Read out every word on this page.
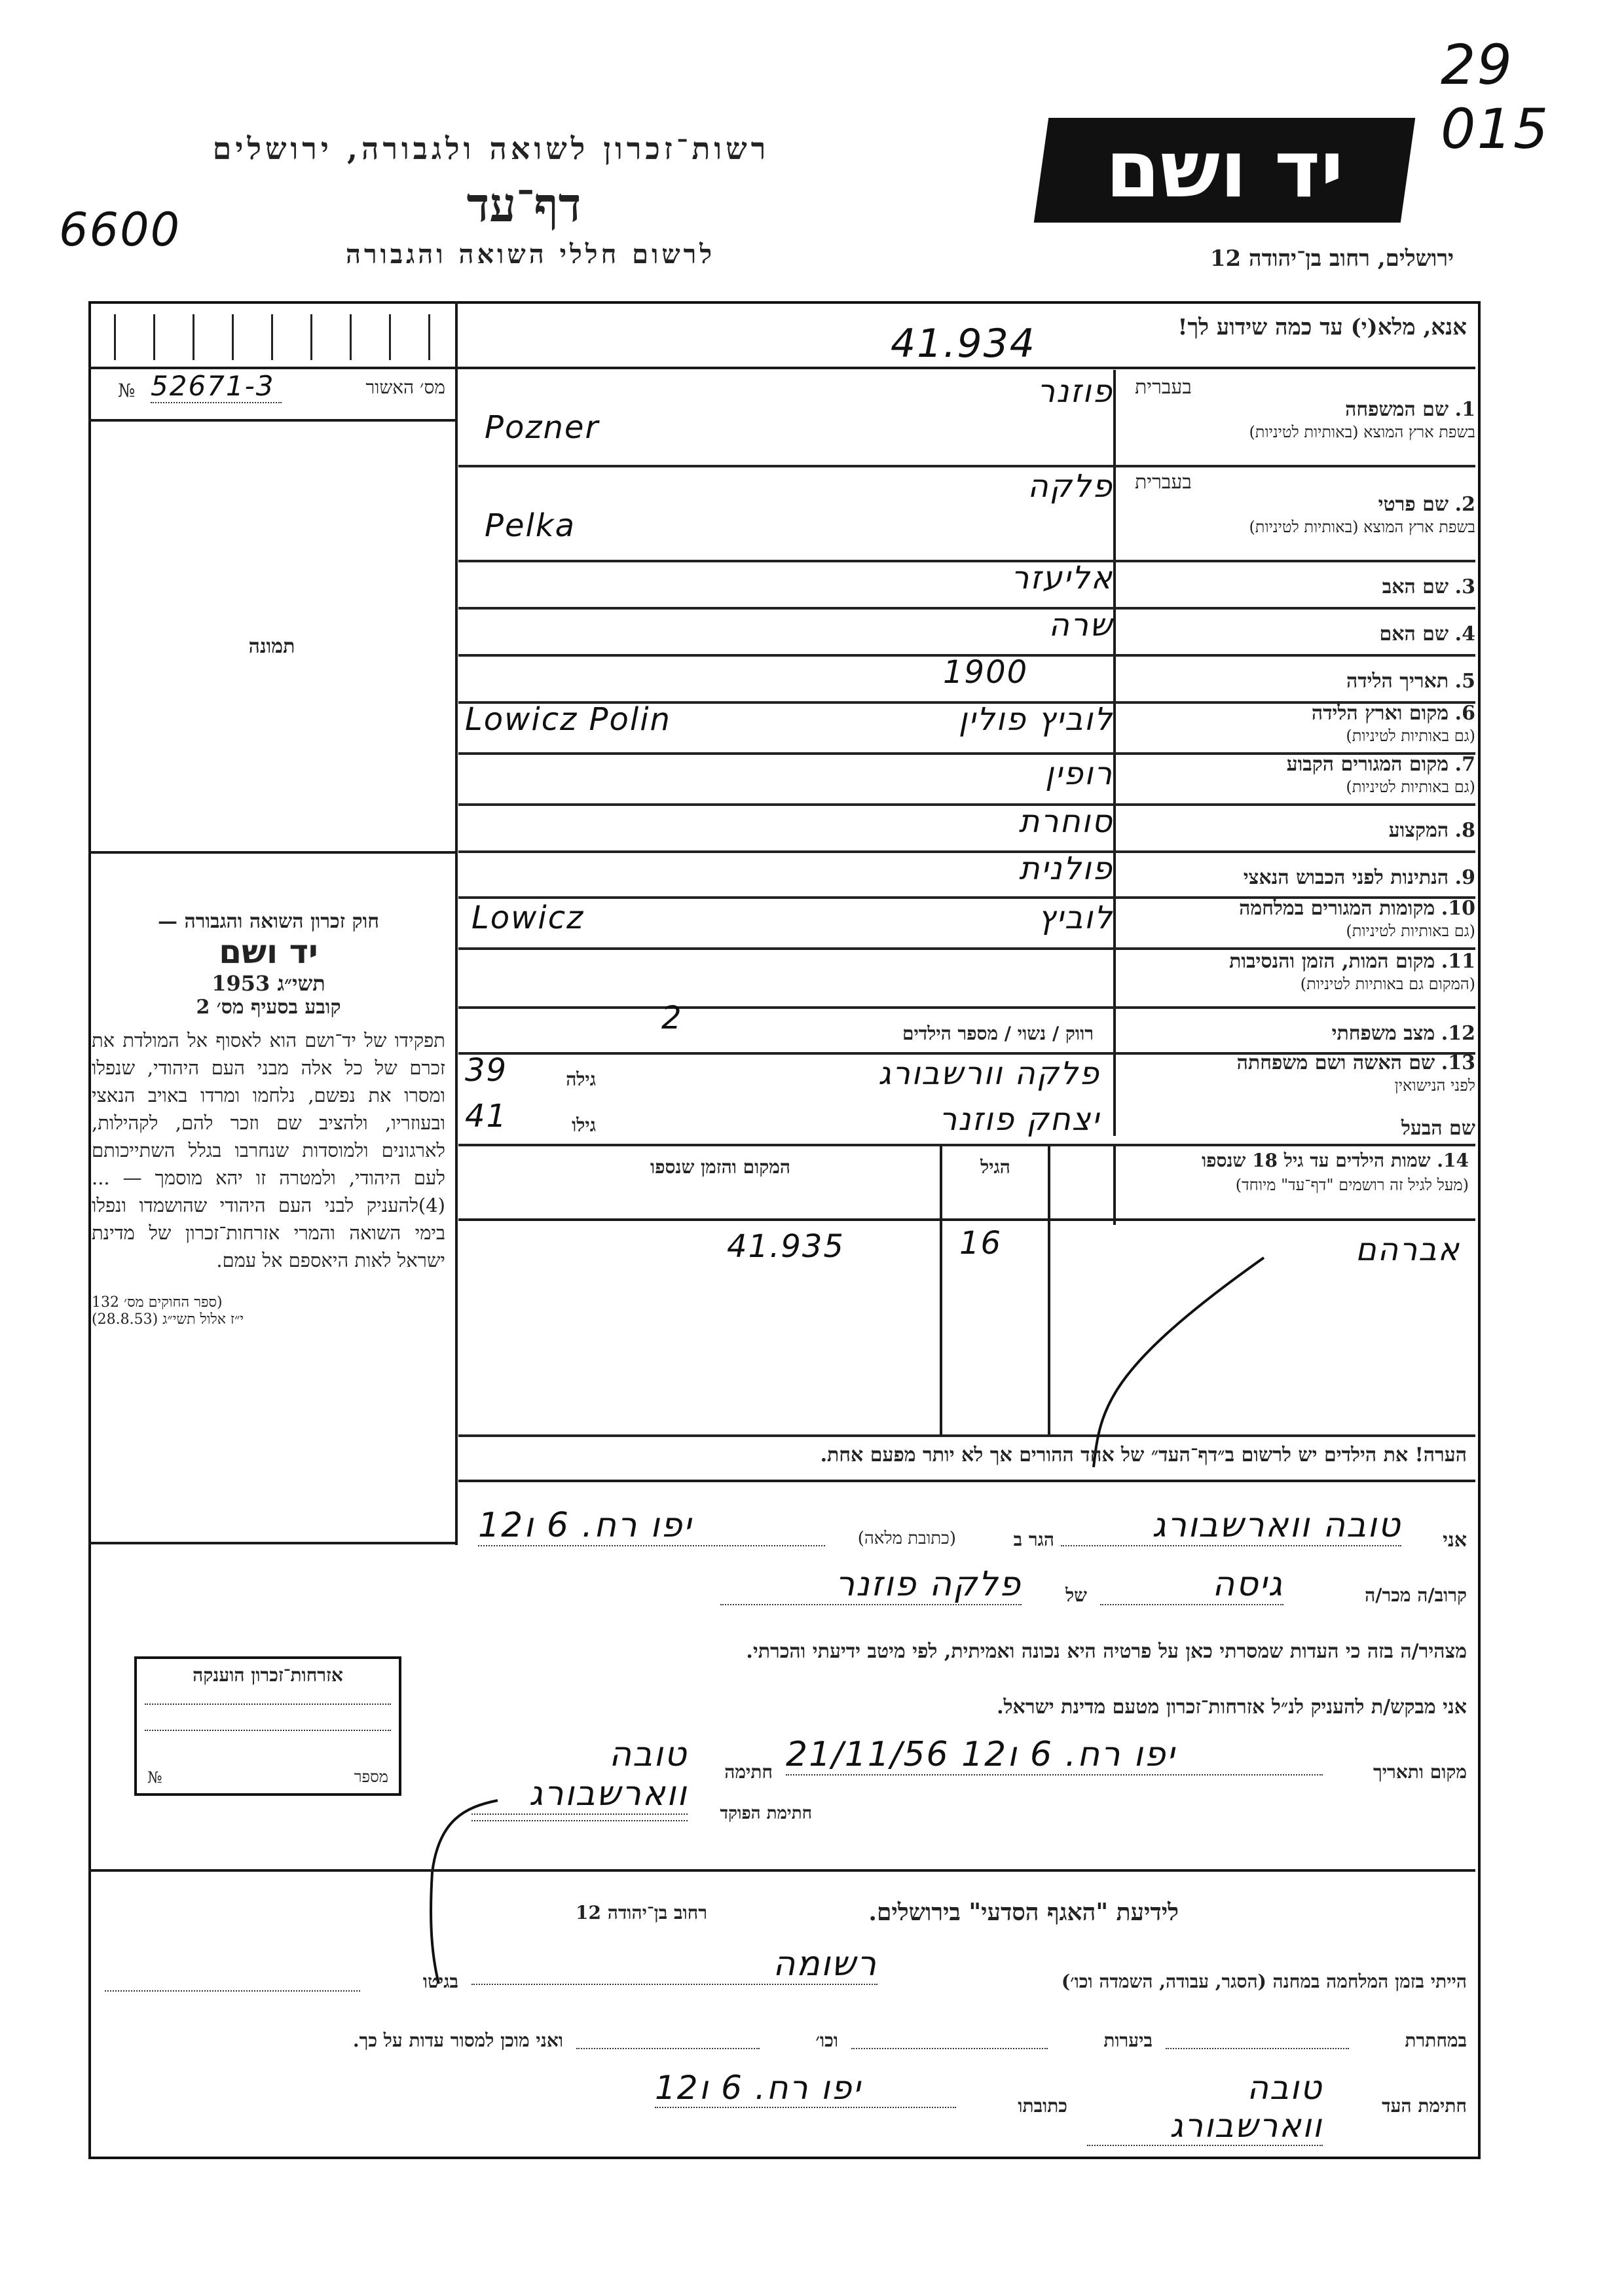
29 015
6600
רשות־זכרון לשואה ולגבורה, ירושלים
דף־עד
לרשום חללי השואה והגבורה
יד ושם
ירושלים, רחוב בן־יהודה 12
אנא, מלא(י) עד כמה שידוע לך!
41.934
מס׳ האשור
№ 52671-3
תמונה
בעברית
1. שם המשפחה
בשפת ארץ המוצא (באותיות לטיניות)
פוזנר
Pozner
בעברית
2. שם פרטי
בשפת ארץ המוצא (באותיות לטיניות)
פלקה
Pelka
3. שם האב
אליעזר
4. שם האם
שרה
5. תאריך הלידה
1900
6. מקום וארץ הלידה
(גם באותיות לטיניות)
לוביץ פולין
Lowicz Polin
7. מקום המגורים הקבוע
(גם באותיות לטיניות)
רופין
8. המקצוע
סוחרת
9. הנתינות לפני הכבוש הנאצי
פולנית
10. מקומות המגורים במלחמה
(גם באותיות לטיניות)
לוביץ
Lowicz
11. מקום המות, הזמן והנסיבות
(המקום גם באותיות לטיניות)
12. מצב משפחתי
רווק / נשוי / מספר הילדים
2
13. שם האשה ושם משפחתה
לפני הנישואין
פלקה וורשבורג
גילה
39
שם הבעל
יצחק פוזנר
גילו
41
14. שמות הילדים עד גיל 18 שנספו
(מעל לגיל זה רושמים "דף־עד" מיוחד)
הגיל
המקום והזמן שנספו
אברהם
16
41.935
הערה! את הילדים יש לרשום ב״דף־העד״ של אחד ההורים אך לא יותר מפעם אחת.
חוק זכרון השואה והגבורה —
יד ושם
תשי״ג 1953
קובע בסעיף מס׳ 2
תפקידו של יד־ושם הוא לאסוף אל המולדת את זכרם של כל אלה מבני העם היהודי, שנפלו ומסרו את נפשם, נלחמו ומרדו באויב הנאצי ובעוזריו, ולהציב שם וזכר להם, לקהילות, לארגונים ולמוסדות שנחרבו בגלל השתייכותם לעם היהודי, ולמטרה זו יהא מוסמך — ...(4)להעניק לבני העם היהודי שהושמדו ונפלו בימי השואה והמרי אזרחות־זכרון של מדינת ישראל לאות היאספם אל עמם.
(ספר החוקים מס׳ 132
י״ז אלול תשי״ג (28.8.53)
אני
טובה ווארשבורג
הגר ב
(כתובת מלאה)
יפו רח. 6 ו12
קרוב/ה מכר/ה
גיסה
של
פלקה פוזנר
מצהיר/ה בזה כי העדות שמסרתי כאן על פרטיה היא נכונה ואמיתית, לפי מיטב ידיעתי והכרתי.
אני מבקש/ת להעניק לנ״ל אזרחות־זכרון מטעם מדינת ישראל.
מקום ותאריך
יפו רח. 6 ו12 21/11/56
חתימה
טובה ווארשבורג	חתימת הפוקד
אזרחות־זכרון הוענקה
№	מספר
לידיעת "האגף הסדעי" בירושלים.
רחוב בן־יהודה 12
הייתי בזמן המלחמה במחנה (הסגר, עבודה, השמדה וכו׳)
רשומה
בגיטו
במחתרת
ביערות
וכו׳
ואני מוכן למסור עדות על כך.
חתימת העד
טובה ווארשבורג
כתובתו
יפו רח. 6 ו12
